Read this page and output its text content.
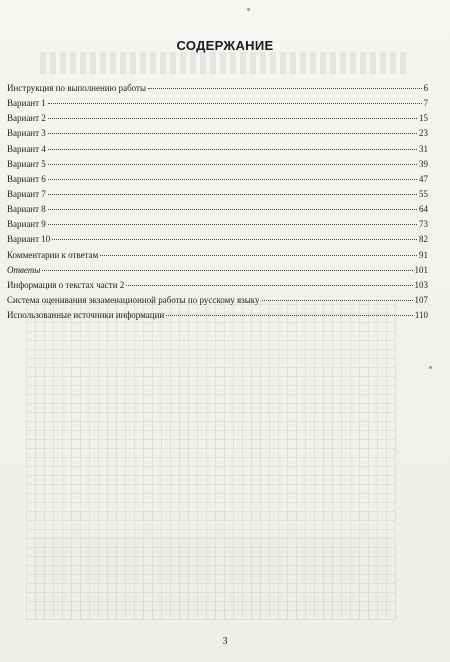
СОДЕРЖАНИЕ
Инструкция по выполнению работы	6
Вариант 1	7
Вариант 2	15
Вариант 3	23
Вариант 4	31
Вариант 5	39
Вариант 6	47
Вариант 7	55
Вариант 8	64
Вариант 9	73
Вариант 10	82
Комментарии к ответам	91
Ответы	101
Информация о текстах части 2	103
Система оценивания экзаменационной работы по русскому языку	107
Использованные источники информации	110
3
